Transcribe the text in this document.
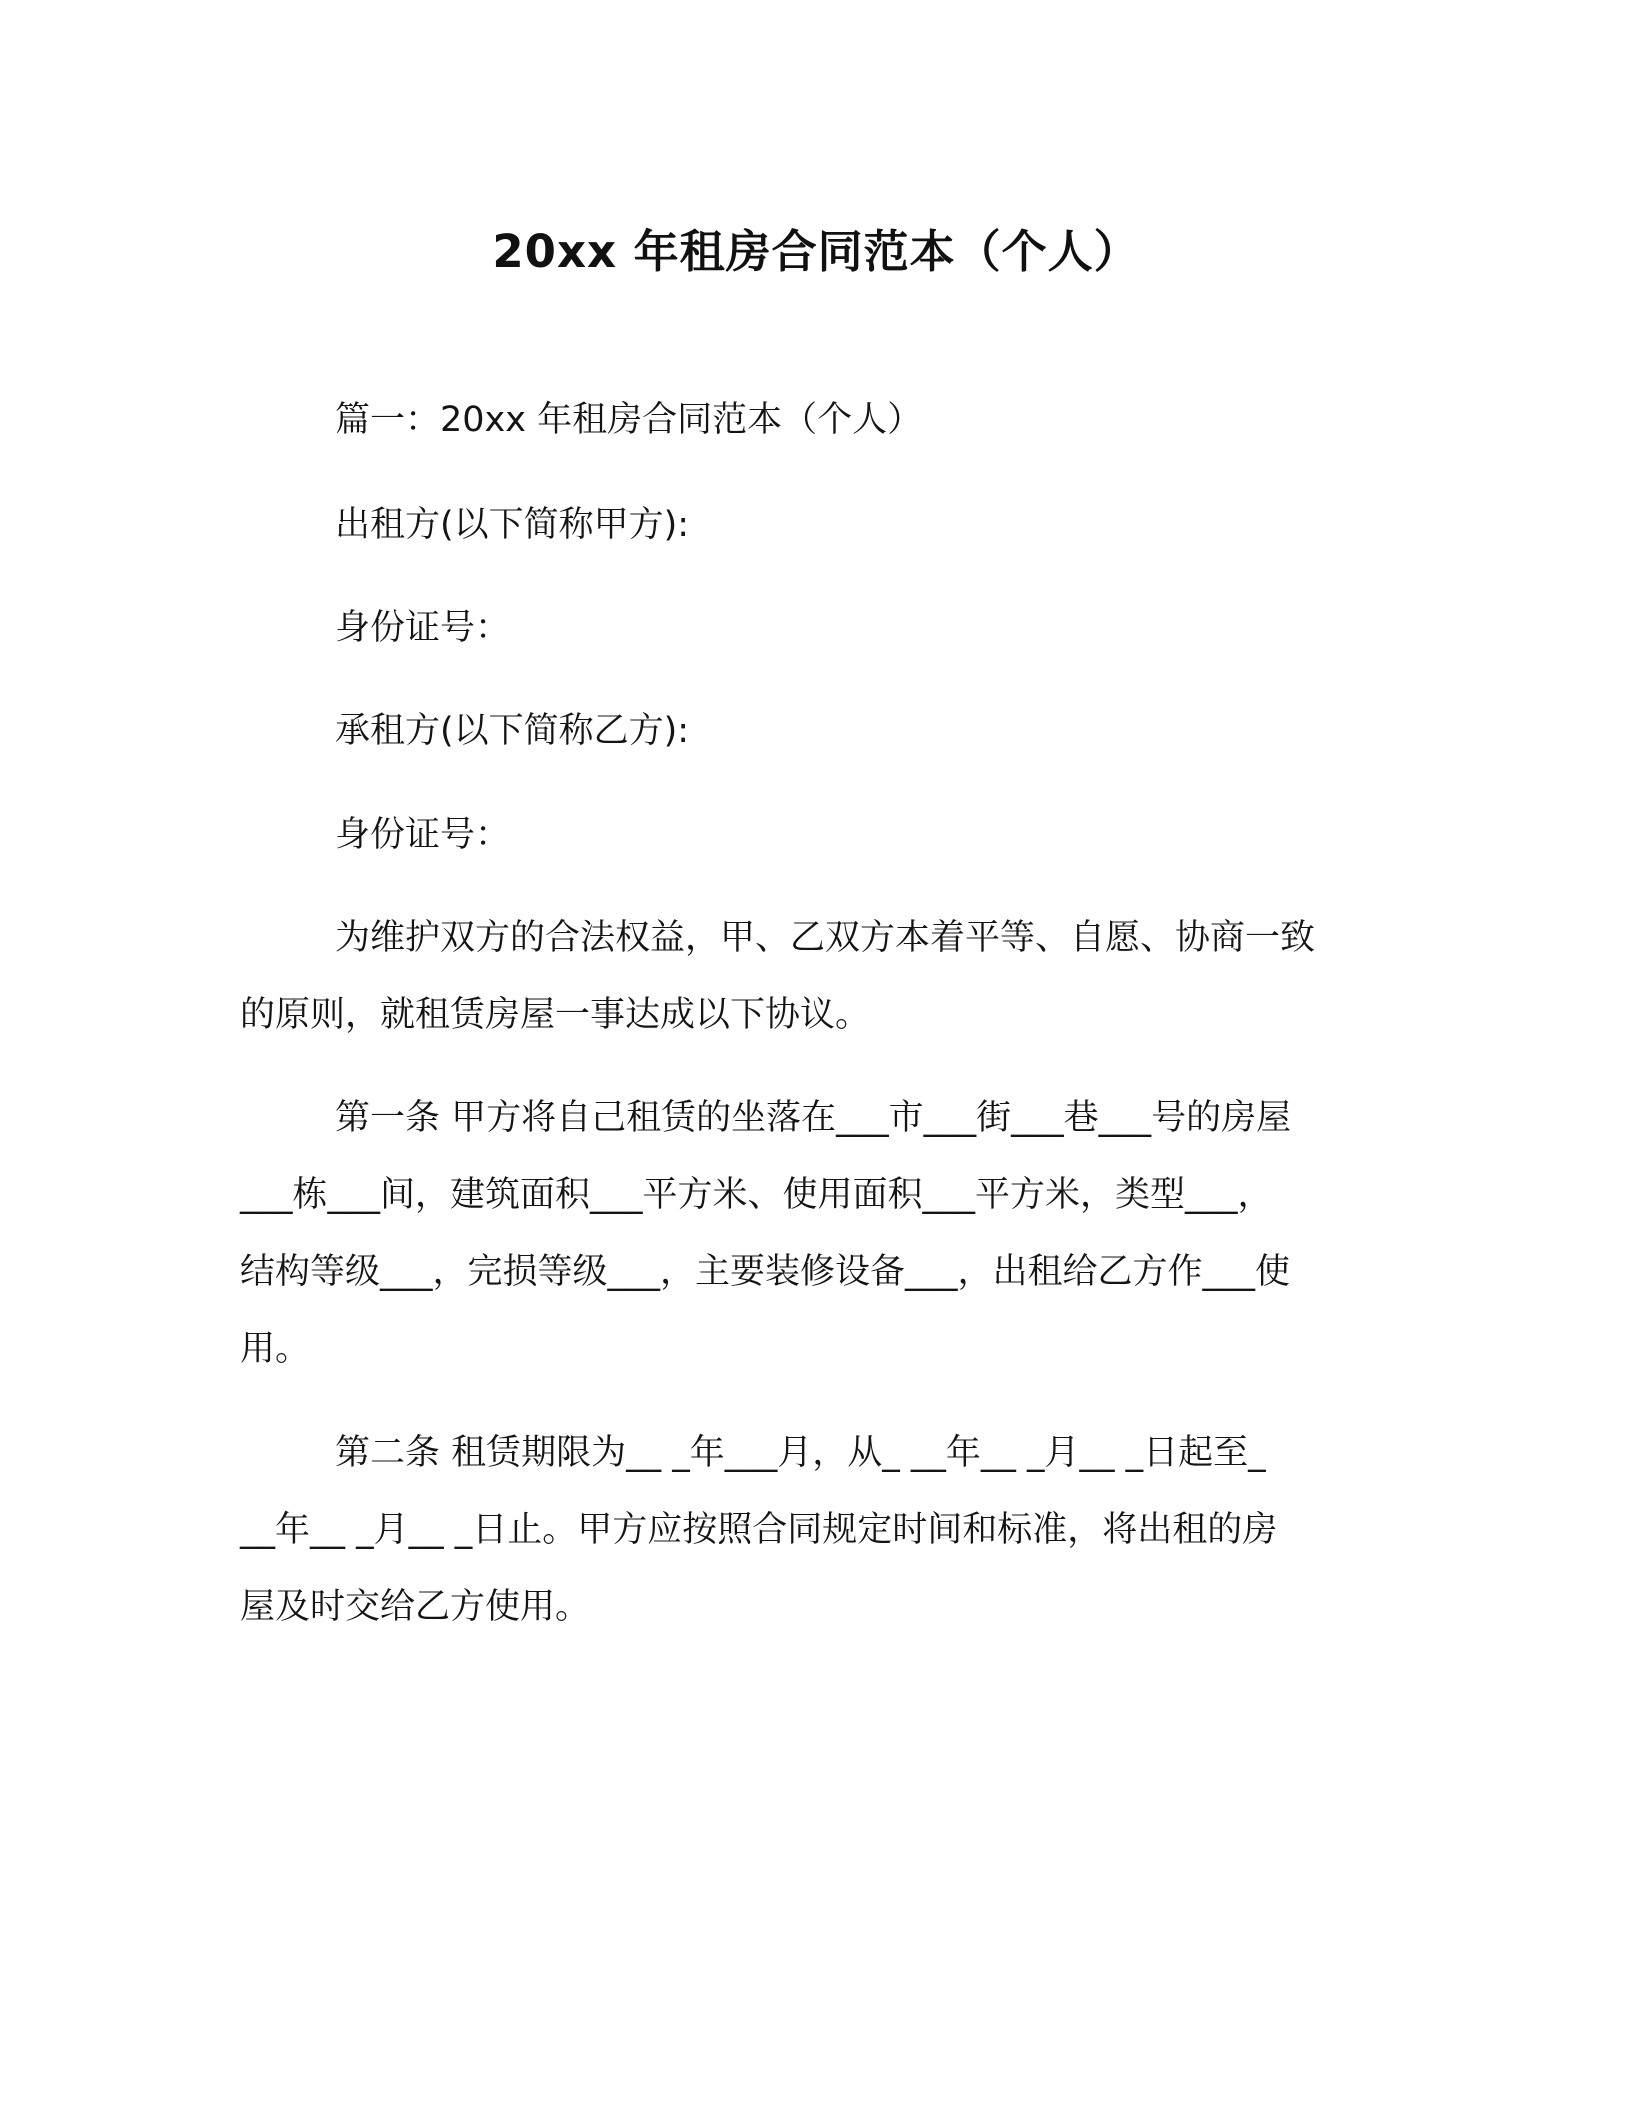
20xx 年租房合同范本（个人）
篇一：20xx 年租房合同范本（个人）
出租方(以下简称甲方):
身份证号：
承租方(以下简称乙方):
身份证号：
为维护双方的合法权益，甲、乙双方本着平等、自愿、协商一致
的原则，就租赁房屋一事达成以下协议。
第一条 甲方将自己租赁的坐落在___市___街___巷___号的房屋
___栋___间，建筑面积___平方米、使用面积___平方米，类型___，
结构等级___，完损等级___，主要装修设备___，出租给乙方作___使
用。
第二条 租赁期限为__ _年___月，从_ __年__ _月__ _日起至_
__年__ _月__ _日止。甲方应按照合同规定时间和标准，将出租的房
屋及时交给乙方使用。
